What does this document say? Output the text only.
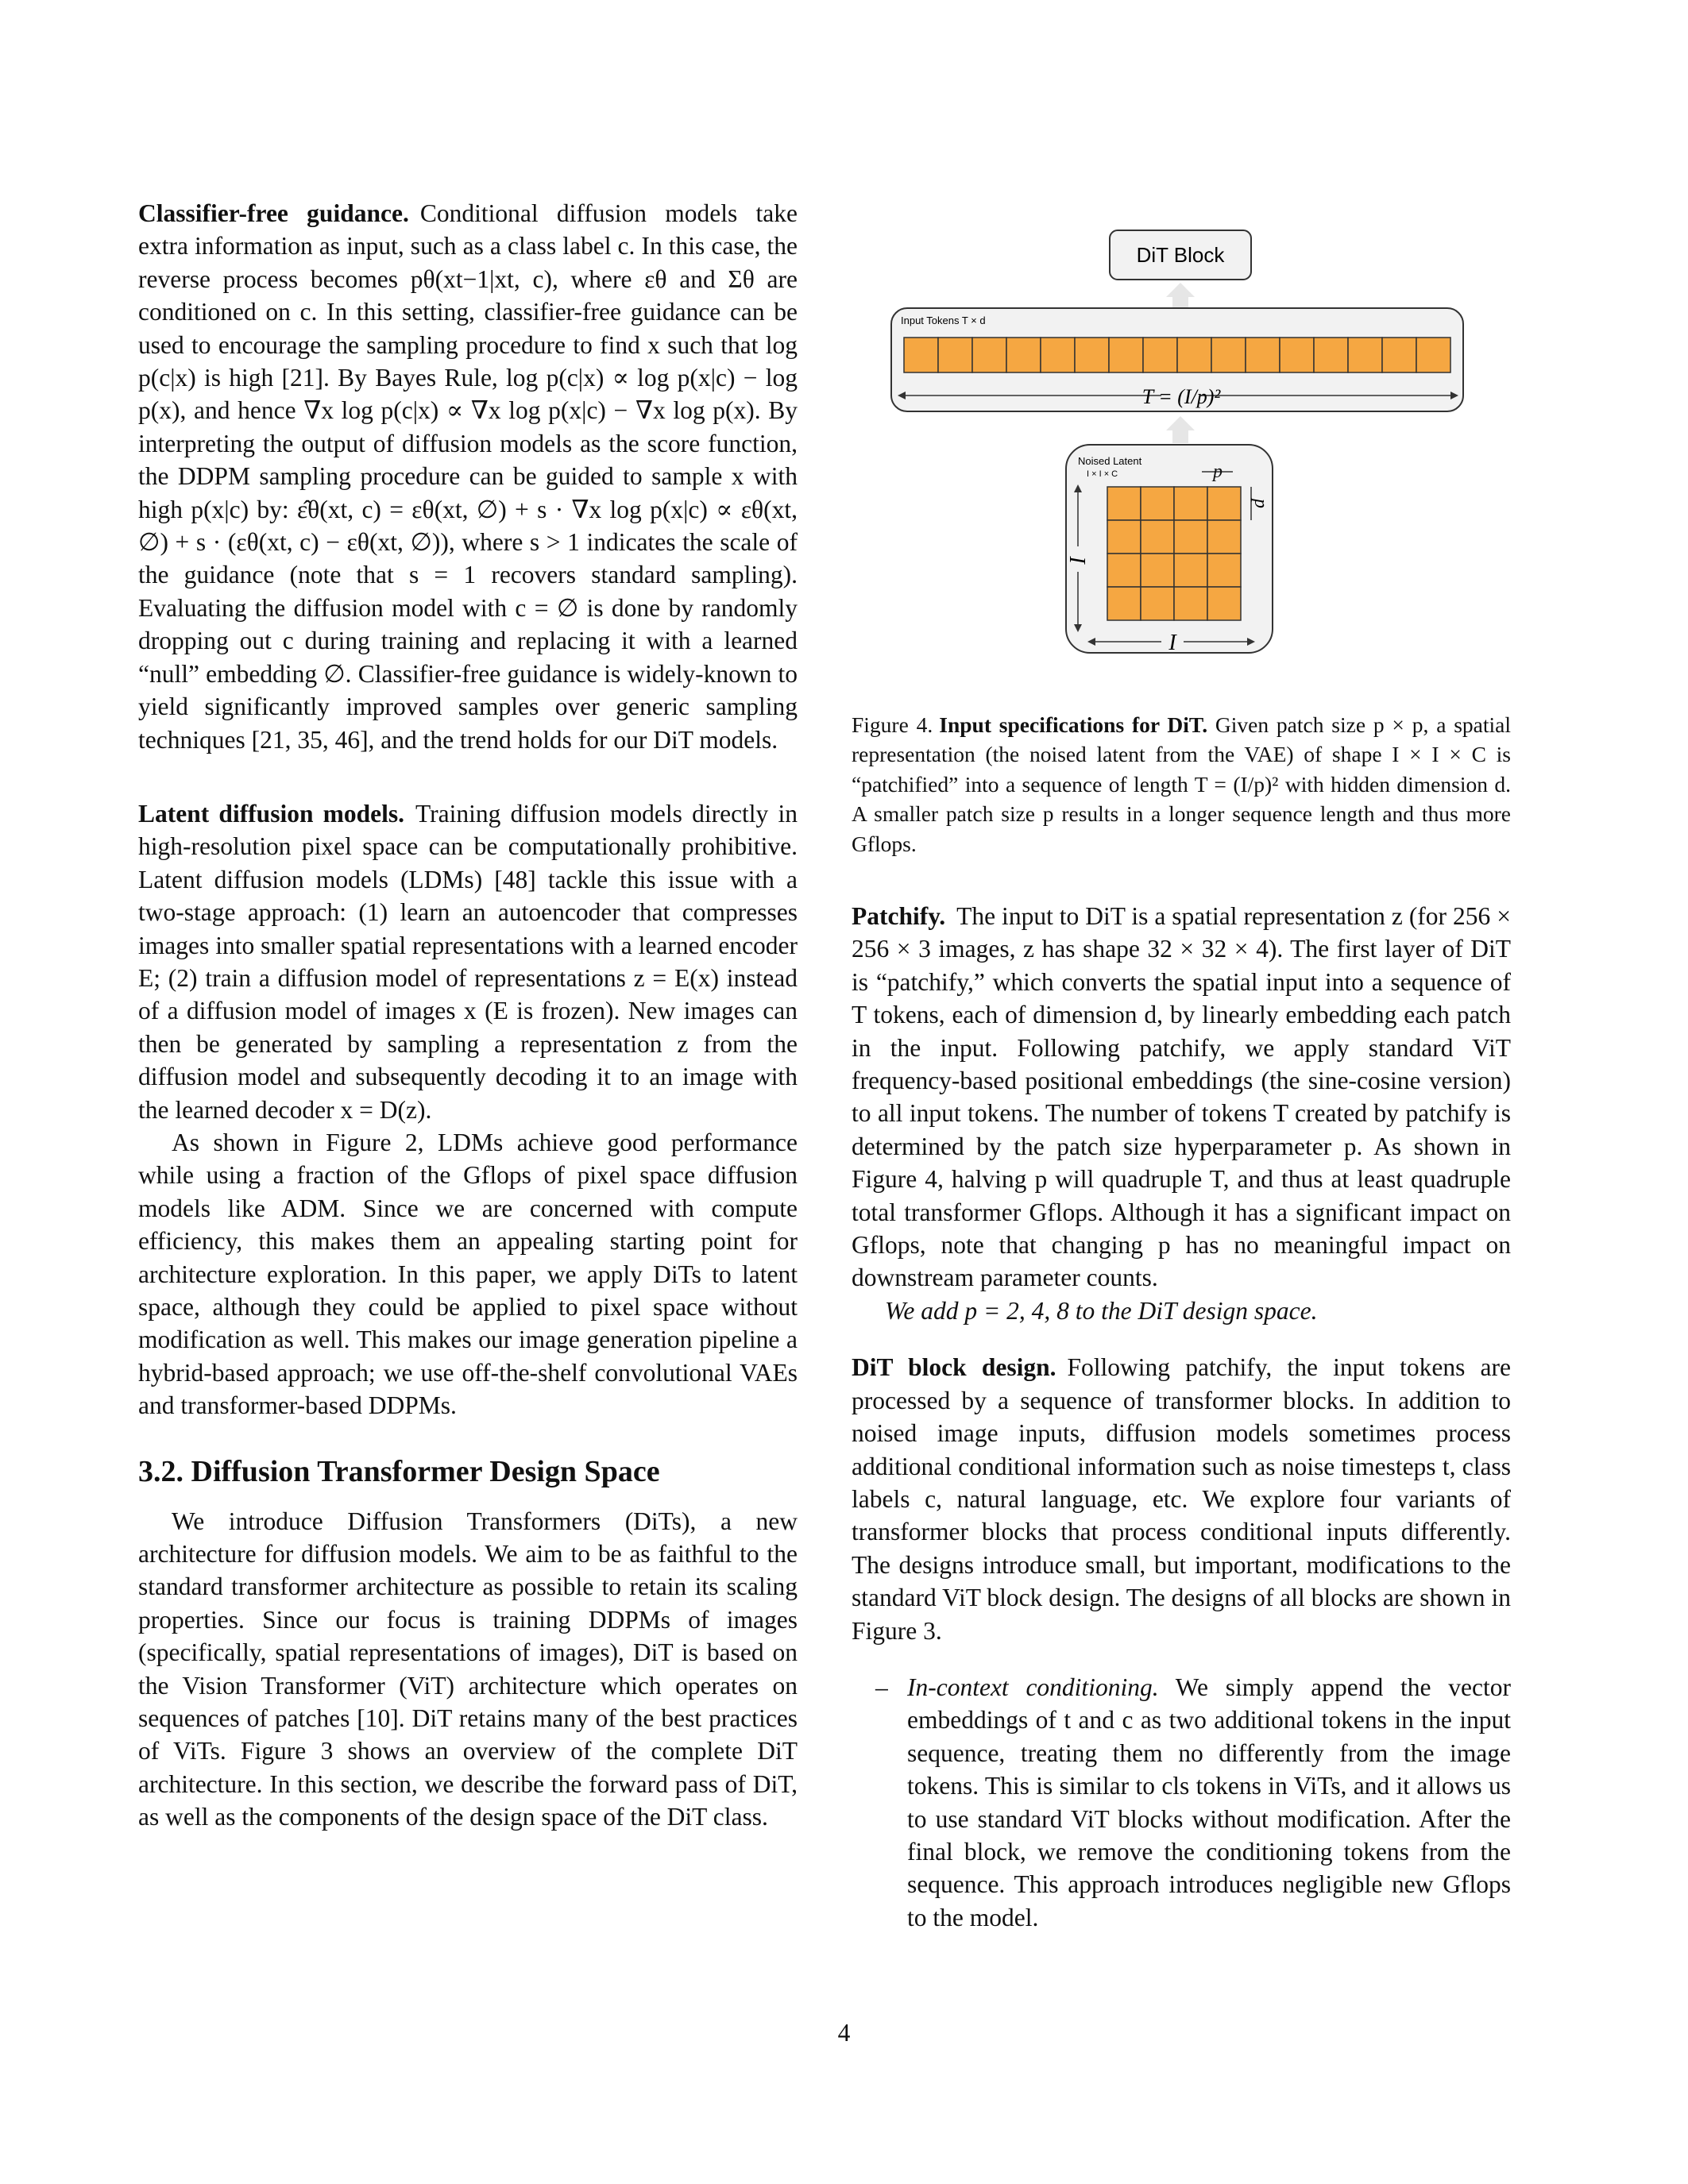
Classifier-free guidance. Conditional diffusion models take extra information as input, such as a class label c. In this case, the reverse process becomes pθ(xt−1|xt, c), where εθ and Σθ are conditioned on c. In this setting, classifier-free guidance can be used to encourage the sampling procedure to find x such that log p(c|x) is high [21]. By Bayes Rule, log p(c|x) ∝ log p(x|c) − log p(x), and hence ∇x log p(c|x) ∝ ∇x log p(x|c) − ∇x log p(x). By interpreting the output of diffusion models as the score function, the DDPM sampling procedure can be guided to sample x with high p(x|c) by: ε̂θ(xt, c) = εθ(xt, ∅) + s · ∇x log p(x|c) ∝ εθ(xt, ∅) + s · (εθ(xt, c) − εθ(xt, ∅)), where s > 1 indicates the scale of the guidance (note that s = 1 recovers standard sampling). Evaluating the diffusion model with c = ∅ is done by randomly dropping out c during training and replacing it with a learned “null” embedding ∅. Classifier-free guidance is widely-known to yield significantly improved samples over generic sampling techniques [21, 35, 46], and the trend holds for our DiT models.

Latent diffusion models. Training diffusion models directly in high-resolution pixel space can be computationally prohibitive. Latent diffusion models (LDMs) [48] tackle this issue with a two-stage approach: (1) learn an autoencoder that compresses images into smaller spatial representations with a learned encoder E; (2) train a diffusion model of representations z = E(x) instead of a diffusion model of images x (E is frozen). New images can then be generated by sampling a representation z from the diffusion model and subsequently decoding it to an image with the learned decoder x = D(z).

As shown in Figure 2, LDMs achieve good performance while using a fraction of the Gflops of pixel space diffusion models like ADM. Since we are concerned with compute efficiency, this makes them an appealing starting point for architecture exploration. In this paper, we apply DiTs to latent space, although they could be applied to pixel space without modification as well. This makes our image generation pipeline a hybrid-based approach; we use off-the-shelf convolutional VAEs and transformer-based DDPMs.

3.2. Diffusion Transformer Design Space

We introduce Diffusion Transformers (DiTs), a new architecture for diffusion models. We aim to be as faithful to the standard transformer architecture as possible to retain its scaling properties. Since our focus is training DDPMs of images (specifically, spatial representations of images), DiT is based on the Vision Transformer (ViT) architecture which operates on sequences of patches [10]. DiT retains many of the best practices of ViTs. Figure 3 shows an overview of the complete DiT architecture. In this section, we describe the forward pass of DiT, as well as the components of the design space of the DiT class.

DiT Block
Input Tokens T × d
T = (I/p)²
Noised Latent
I × I × C	p
p
I
I

Figure 4. Input specifications for DiT. Given patch size p × p, a spatial representation (the noised latent from the VAE) of shape I × I × C is “patchified” into a sequence of length T = (I/p)² with hidden dimension d. A smaller patch size p results in a longer sequence length and thus more Gflops.

Patchify. The input to DiT is a spatial representation z (for 256 × 256 × 3 images, z has shape 32 × 32 × 4). The first layer of DiT is “patchify,” which converts the spatial input into a sequence of T tokens, each of dimension d, by linearly embedding each patch in the input. Following patchify, we apply standard ViT frequency-based positional embeddings (the sine-cosine version) to all input tokens. The number of tokens T created by patchify is determined by the patch size hyperparameter p. As shown in Figure 4, halving p will quadruple T, and thus at least quadruple total transformer Gflops. Although it has a significant impact on Gflops, note that changing p has no meaningful impact on downstream parameter counts.

We add p = 2, 4, 8 to the DiT design space.

DiT block design. Following patchify, the input tokens are processed by a sequence of transformer blocks. In addition to noised image inputs, diffusion models sometimes process additional conditional information such as noise timesteps t, class labels c, natural language, etc. We explore four variants of transformer blocks that process conditional inputs differently. The designs introduce small, but important, modifications to the standard ViT block design. The designs of all blocks are shown in Figure 3.

– In-context conditioning. We simply append the vector embeddings of t and c as two additional tokens in the input sequence, treating them no differently from the image tokens. This is similar to cls tokens in ViTs, and it allows us to use standard ViT blocks without modification. After the final block, we remove the conditioning tokens from the sequence. This approach introduces negligible new Gflops to the model.
4
